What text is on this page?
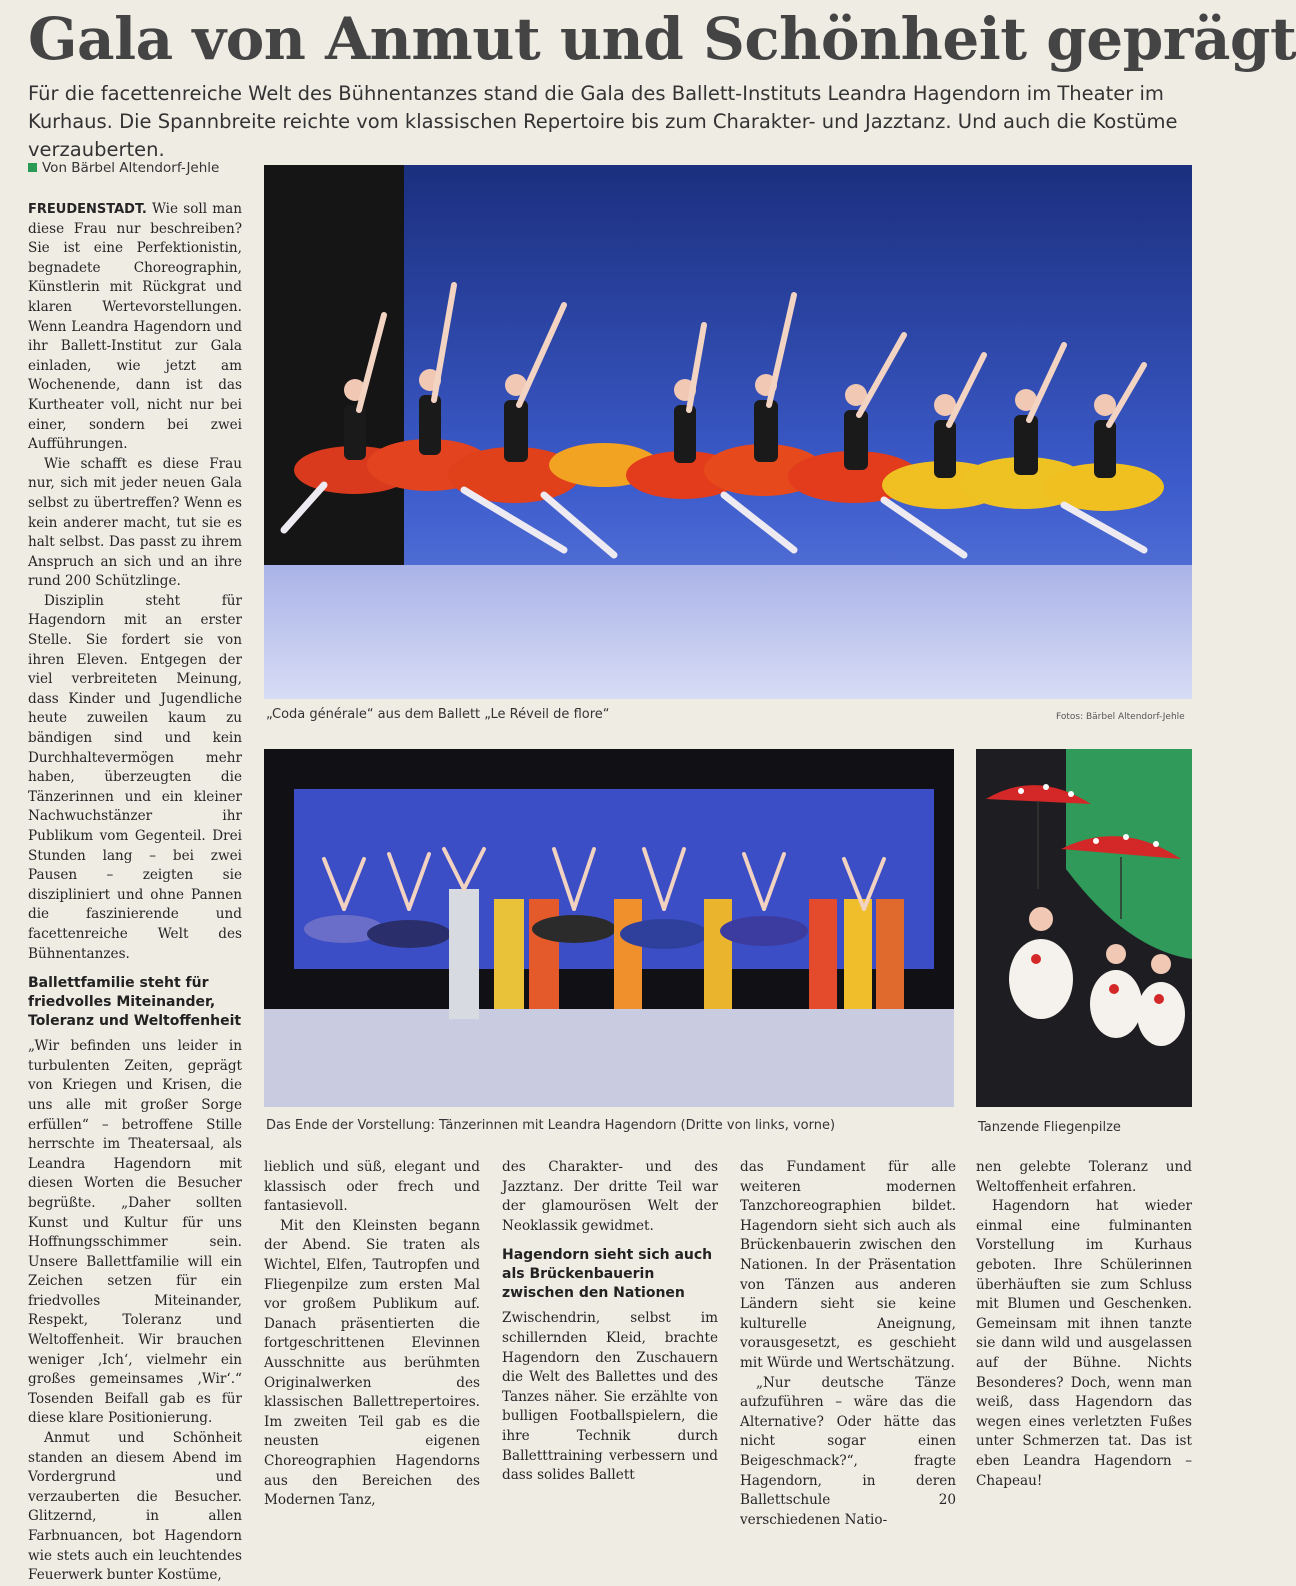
Gala von Anmut und Schönheit geprägt
Für die facettenreiche Welt des Bühnentanzes stand die Gala des Ballett-Instituts Leandra Hagendorn im Theater im Kurhaus. Die Spannbreite reichte vom klassischen Repertoire bis zum Charakter- und Jazztanz. Und auch die Kostüme verzauberten.
Von Bärbel Altendorf-Jehle

FREUDENSTADT. Wie soll man diese Frau nur beschreiben? Sie ist eine Perfektionistin, begnadete Choreographin, Künstlerin mit Rückgrat und klaren Wertevorstellungen. Wenn Leandra Hagendorn und ihr Ballett-Institut zur Gala einladen, wie jetzt am Wochenende, dann ist das Kurtheater voll, nicht nur bei einer, sondern bei zwei Aufführungen.

Wie schafft es diese Frau nur, sich mit jeder neuen Gala selbst zu übertreffen? Wenn es kein anderer macht, tut sie es halt selbst. Das passt zu ihrem Anspruch an sich und an ihre rund 200 Schützlinge.

Disziplin steht für Hagendorn mit an erster Stelle. Sie fordert sie von ihren Eleven. Entgegen der viel verbreiteten Meinung, dass Kinder und Jugendliche heute zuweilen kaum zu bändigen sind und kein Durchhaltevermögen mehr haben, überzeugten die Tänzerinnen und ein kleiner Nachwuchstänzer ihr Publikum vom Gegenteil. Drei Stunden lang – bei zwei Pausen – zeigten sie diszipliniert und ohne Pannen die faszinierende und facettenreiche Welt des Bühnentanzes.

Ballettfamilie steht für friedvolles Miteinander, Toleranz und Weltoffenheit

„Wir befinden uns leider in turbulenten Zeiten, geprägt von Kriegen und Krisen, die uns alle mit großer Sorge erfüllen“ – betroffene Stille herrschte im Theatersaal, als Leandra Hagendorn mit diesen Worten die Besucher begrüßte. „Daher sollten Kunst und Kultur für uns Hoffnungsschimmer sein. Unsere Ballettfamilie will ein Zeichen setzen für ein friedvolles Miteinander, Respekt, Toleranz und Weltoffenheit. Wir brauchen weniger ‚Ich‘, vielmehr ein großes gemeinsames ‚Wir‘.“ Tosenden Beifall gab es für diese klare Positionierung.

Anmut und Schönheit standen an diesem Abend im Vordergrund und verzauberten die Besucher. Glitzernd, in allen Farbnuancen, bot Hagendorn wie stets auch ein leuchtendes Feuerwerk bunter Kostüme,

„Coda générale“ aus dem Ballett „Le Réveil de flore“	Fotos: Bärbel Altendorf-Jehle
Das Ende der Vorstellung: Tänzerinnen mit Leandra Hagendorn (Dritte von links, vorne)	Tanzende Fliegenpilze

lieblich und süß, elegant und klassisch oder frech und fantasievoll.

Mit den Kleinsten begann der Abend. Sie traten als Wichtel, Elfen, Tautropfen und Fliegenpilze zum ersten Mal vor großem Publikum auf. Danach präsentierten die fortgeschrittenen Elevinnen Ausschnitte aus berühmten Originalwerken des klassischen Ballettrepertoires. Im zweiten Teil gab es die neusten eigenen Choreographien Hagendorns aus den Bereichen des Modernen Tanz,

des Charakter- und des Jazztanz. Der dritte Teil war der glamourösen Welt der Neoklassik gewidmet.

Hagendorn sieht sich auch als Brückenbauerin zwischen den Nationen

Zwischendrin, selbst im schillernden Kleid, brachte Hagendorn den Zuschauern die Welt des Ballettes und des Tanzes näher. Sie erzählte von bulligen Footballspielern, die ihre Technik durch Balletttraining verbessern und dass solides Ballett

das Fundament für alle weiteren modernen Tanzchoreographien bildet. Hagendorn sieht sich auch als Brückenbauerin zwischen den Nationen. In der Präsentation von Tänzen aus anderen Ländern sieht sie keine kulturelle Aneignung, vorausgesetzt, es geschieht mit Würde und Wertschätzung.

„Nur deutsche Tänze aufzuführen – wäre das die Alternative? Oder hätte das nicht sogar einen Beigeschmack?“, fragte Hagendorn, in deren Ballettschule 20 verschiedenen Natio-

nen gelebte Toleranz und Weltoffenheit erfahren.

Hagendorn hat wieder einmal eine fulminanten Vorstellung im Kurhaus geboten. Ihre Schülerinnen überhäuften sie zum Schluss mit Blumen und Geschenken. Gemeinsam mit ihnen tanzte sie dann wild und ausgelassen auf der Bühne. Nichts Besonderes? Doch, wenn man weiß, dass Hagendorn das wegen eines verletzten Fußes unter Schmerzen tat. Das ist eben Leandra Hagendorn – Chapeau!
